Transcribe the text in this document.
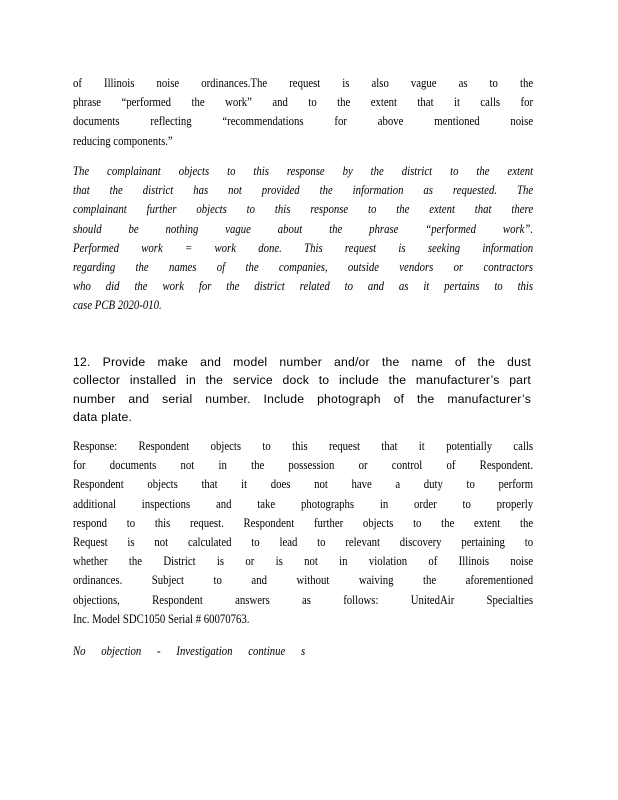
of Illinois noise ordinances.The request is also vague as to the
phrase “performed the work” and to the extent that it calls for
documents reflecting “recommendations for above mentioned noise
reducing components.”
The complainant objects to this response by the district to the extent
that the district has not provided the information as requested. The
complainant further objects to this response to the extent that there
should be nothing vague about the phrase “performed work”.
Performed work = work done. This request is seeking information
regarding the names of the companies, outside vendors or contractors
who did the work for the district related to and as it pertains to this
case PCB 2020-010.
12. Provide make and model number and/or the name of the dust
collector installed in the service dock to include the manufacturer’s part
number and serial number. Include photograph of the manufacturer’s
data plate.
Response: Respondent objects to this request that it potentially calls
for documents not in the possession or control of Respondent.
Respondent objects that it does not have a duty to perform
additional inspections and take photographs in order to properly
respond to this request. Respondent further objects to the extent the
Request is not calculated to lead to relevant discovery pertaining to
whether the District is or is not in violation of Illinois noise
ordinances. Subject to and without waiving the aforementioned
objections, Respondent answers as follows: UnitedAir Specialties
Inc. Model SDC1050 Serial # 60070763.
No objection - Investigation continue s
